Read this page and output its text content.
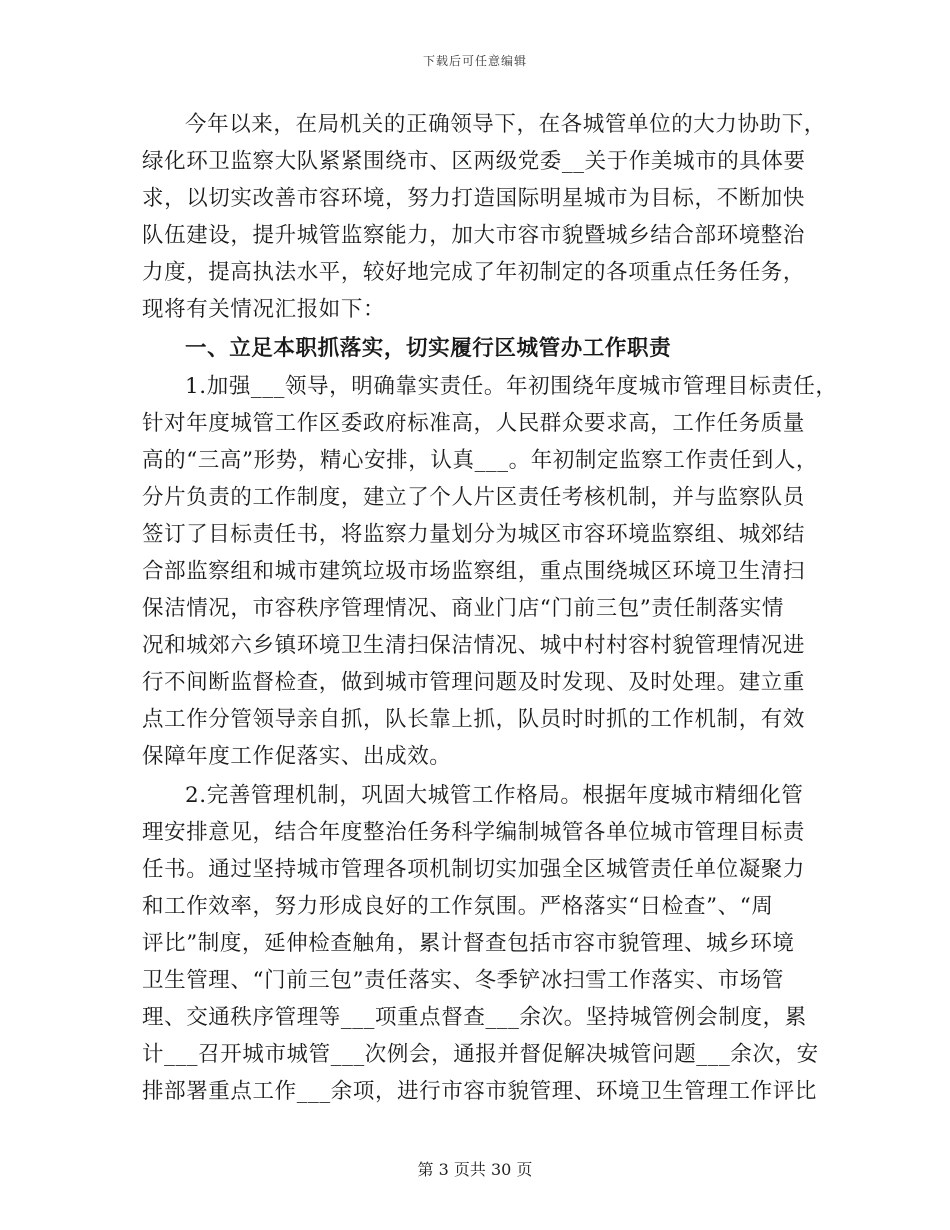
下载后可任意编辑
今年以来，在局机关的正确领导下，在各城管单位的大力协助下，
绿化环卫监察大队紧紧围绕市、区两级党委__关于作美城市的具体要
求，以切实改善市容环境，努力打造国际明星城市为目标，不断加快
队伍建设，提升城管监察能力，加大市容市貌暨城乡结合部环境整治
力度，提高执法水平，较好地完成了年初制定的各项重点任务任务，
现将有关情况汇报如下：
一、立足本职抓落实，切实履行区城管办工作职责
1.加强___领导，明确靠实责任。年初围绕年度城市管理目标责任，
针对年度城管工作区委政府标准高，人民群众要求高，工作任务质量
高的“三高”形势，精心安排，认真___。年初制定监察工作责任到人，
分片负责的工作制度，建立了个人片区责任考核机制，并与监察队员
签订了目标责任书，将监察力量划分为城区市容环境监察组、城郊结
合部监察组和城市建筑垃圾市场监察组，重点围绕城区环境卫生清扫
保洁情况，市容秩序管理情况、商业门店“门前三包”责任制落实情
况和城郊六乡镇环境卫生清扫保洁情况、城中村村容村貌管理情况进
行不间断监督检查，做到城市管理问题及时发现、及时处理。建立重
点工作分管领导亲自抓，队长靠上抓，队员时时抓的工作机制，有效
保障年度工作促落实、出成效。
2.完善管理机制，巩固大城管工作格局。根据年度城市精细化管
理安排意见，结合年度整治任务科学编制城管各单位城市管理目标责
任书。通过坚持城市管理各项机制切实加强全区城管责任单位凝聚力
和工作效率，努力形成良好的工作氛围。严格落实“日检查”、“周
评比”制度，延伸检查触角，累计督查包括市容市貌管理、城乡环境
卫生管理、“门前三包”责任落实、冬季铲冰扫雪工作落实、市场管
理、交通秩序管理等___项重点督查___余次。坚持城管例会制度，累
计___召开城市城管___次例会，通报并督促解决城管问题___余次，安
排部署重点工作___余项，进行市容市貌管理、环境卫生管理工作评比
第 3 页共 30 页
